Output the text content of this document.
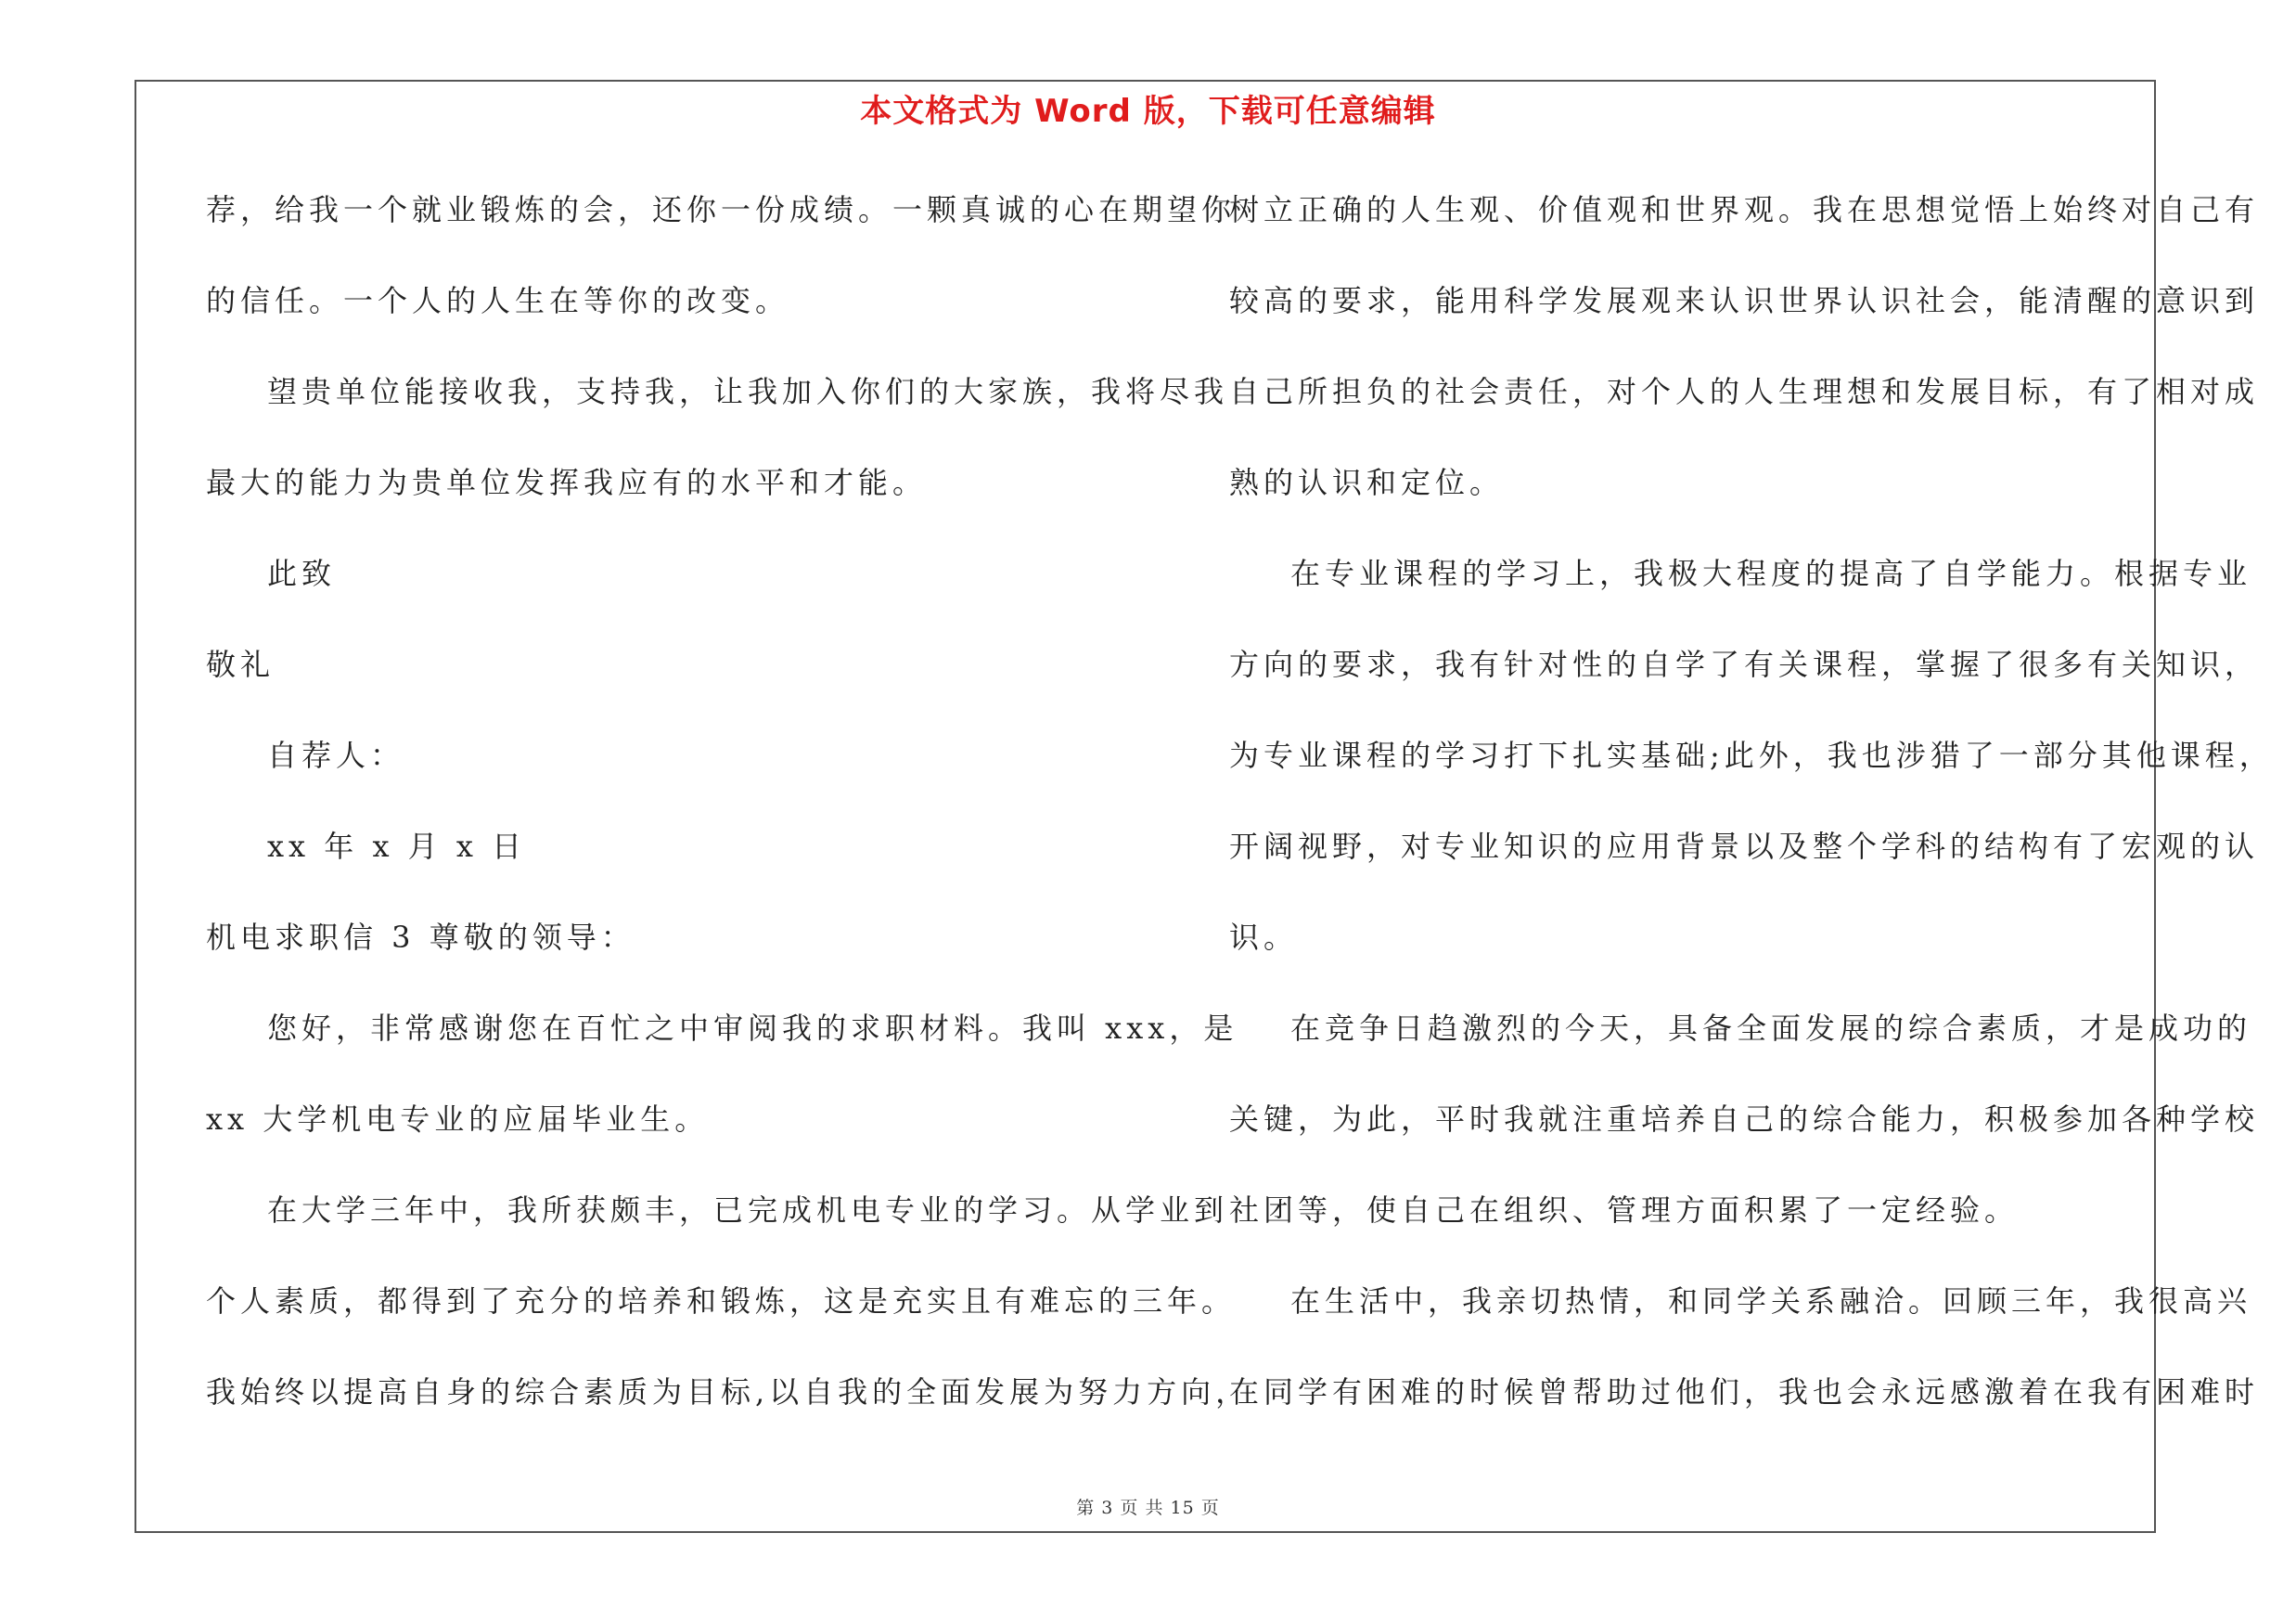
本文格式为 Word 版，下载可任意编辑
荐，给我一个就业锻炼的会，还你一份成绩。一颗真诚的心在期望你
的信任。一个人的人生在等你的改变。
望贵单位能接收我，支持我，让我加入你们的大家族，我将尽我
最大的能力为贵单位发挥我应有的水平和才能。
此致
敬礼
自荐人：
xx 年 x 月 x 日
机电求职信 3 尊敬的领导：
您好，非常感谢您在百忙之中审阅我的求职材料。我叫 xxx，是
xx 大学机电专业的应届毕业生。
在大学三年中，我所获颇丰，已完成机电专业的学习。从学业到
个人素质，都得到了充分的培养和锻炼，这是充实且有难忘的三年。
我始终以提高自身的综合素质为目标,以自我的全面发展为努力方向，
树立正确的人生观、价值观和世界观。我在思想觉悟上始终对自己有
较高的要求，能用科学发展观来认识世界认识社会，能清醒的意识到
自己所担负的社会责任，对个人的人生理想和发展目标，有了相对成
熟的认识和定位。
在专业课程的学习上，我极大程度的提高了自学能力。根据专业
方向的要求，我有针对性的自学了有关课程，掌握了很多有关知识，
为专业课程的学习打下扎实基础;此外，我也涉猎了一部分其他课程，
开阔视野，对专业知识的应用背景以及整个学科的结构有了宏观的认
识。
在竞争日趋激烈的今天，具备全面发展的综合素质，才是成功的
关键，为此，平时我就注重培养自己的综合能力，积极参加各种学校
社团等，使自己在组织、管理方面积累了一定经验。
在生活中，我亲切热情，和同学关系融洽。回顾三年，我很高兴
在同学有困难的时候曾帮助过他们，我也会永远感激着在我有困难时
第 3 页 共 15 页
